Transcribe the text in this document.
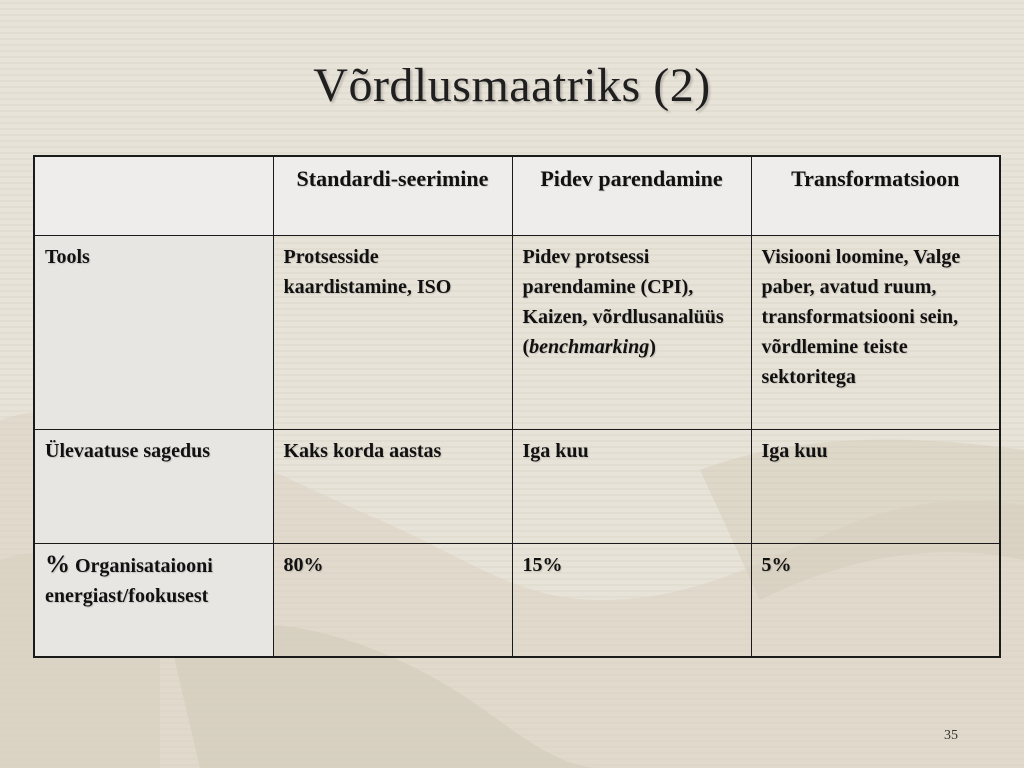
Võrdlusmaatriks (2)
	Standardi-seerimine	Pidev parendamine	Transformatsioon
Tools	Protsesside kaardistamine, ISO	Pidev protsessi parendamine (CPI), Kaizen, võrdlusanalüüs (benchmarking)	Visiooni loomine, Valge paber, avatud ruum, transformatsiooni sein, võrdlemine teiste sektoritega
Ülevaatuse sagedus	Kaks korda aastas	Iga kuu	Iga kuu
% Organisataiooni energiast/fookusest	80%	15%	5%
35
